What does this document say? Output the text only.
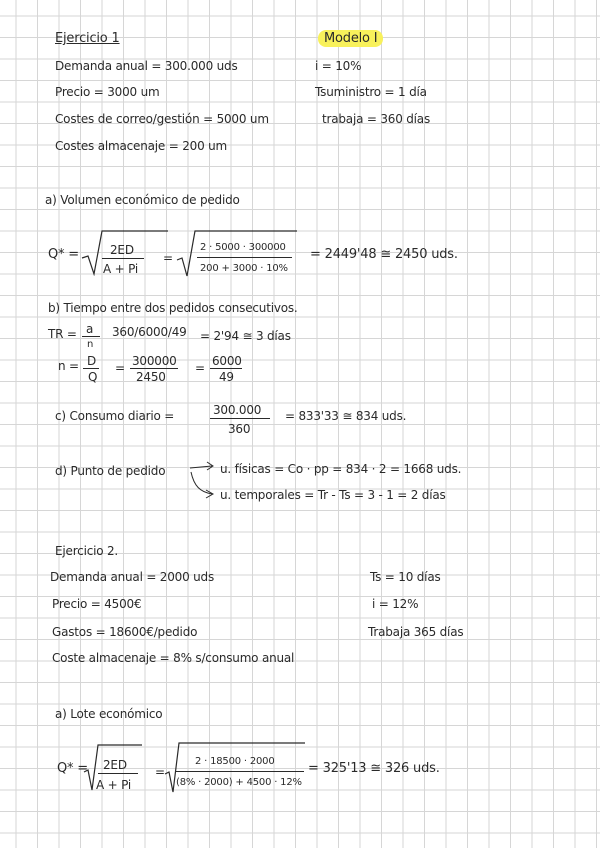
Ejercicio 1	Modelo I
Demanda anual = 300.000 uds
Precio = 3000 um
Costes de correo/gestión = 5000 um
Costes almacenaje = 200 um
i = 10%
Tsuministro = 1 día
trabaja = 360 días
a) Volumen económico de pedido
Q* =	2ED
A + Pi
=
2 · 5000 · 300000
200 + 3000 · 10%
= 2449'48 ≅ 2450 uds.
b) Tiempo entre dos pedidos consecutivos.
TR = a
n
360/6000/49 = 2'94 ≅ 3 días
n = D
Q
= 300000
2450
= 6000
49
c) Consumo diario =	300.000
360
= 833'33 ≅ 834 uds.
d) Punto de pedido	u. físicas = Co · pp = 834 · 2 = 1668 uds.
u. temporales = Tr - Ts = 3 - 1 = 2 días
Ejercicio 2.
Demanda anual = 2000 uds
Precio = 4500€
Gastos = 18600€/pedido
Coste almacenaje = 8% s/consumo anual
Ts = 10 días
i = 12%
Trabaja 365 días
a) Lote económico
Q* = 2ED
A + Pi
=
2 · 18500 · 2000
(8% · 2000) + 4500 · 12%
= 325'13 ≅ 326 uds.
